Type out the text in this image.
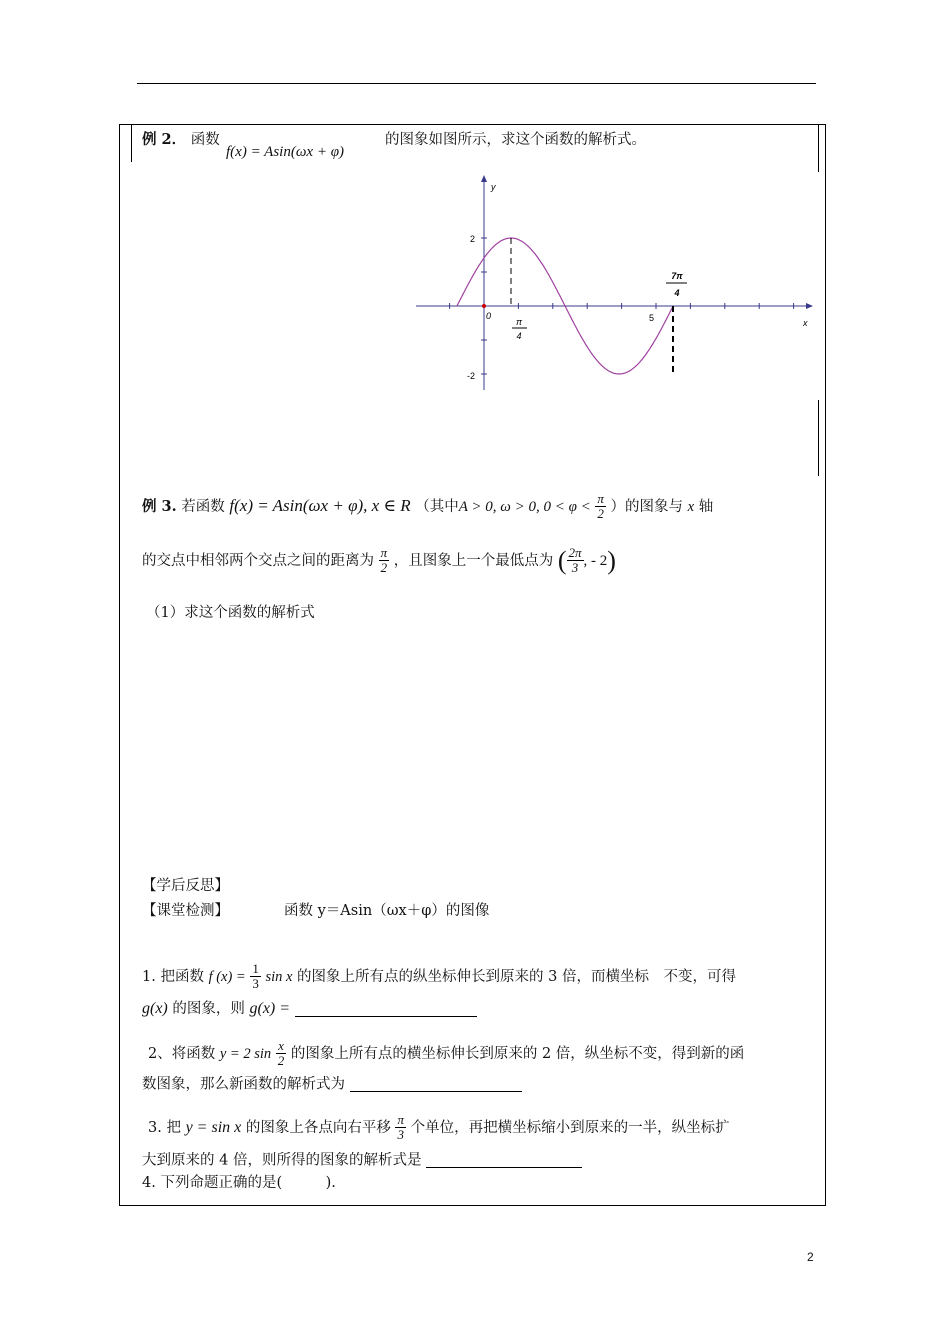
例 2． 函数
f(x) = Asin(ωx + φ)
的图象如图所示，求这个函数的解析式。
y
x
2
-2
0	5
π
4
7π
4
例 3. 若函数 f(x) = Asin(ωx + φ), x ∈ R （其中A > 0, ω > 0, $0 < \varphi < \frac{\pi}{2}$ ）的图象与 x 轴
的交点中相邻两个交点之间的距离为 $\frac{\pi}{2}$ ，且图象上一个最低点为 ( $\frac{2\pi}{3}$ , - 2)
（1）求这个函数的解析式
【学后反思】
【课堂检测】	函数 y＝Asin（ωx＋φ）的图像
1. 把函数 f $(x) = \frac{1}{3}$ sin x 的图象上所有点的纵坐标伸长到原来的 3 倍，而横坐标　不变，可得
g(x) 的图象，则 g(x) =
2、将函数 y = 2 $\sin \frac{x}{2}$ 的图象上所有点的横坐标伸长到原来的 2 倍，纵坐标不变，得到新的函
数图象，那么新函数的解析式为
3. 把 y = sin x 的图象上各点向右平移 $\frac{\pi}{3}$ 个单位，再把横坐标缩小到原来的一半，纵坐标扩
大到原来的 4 倍，则所得的图象的解析式是
4. 下列命题正确的是(　　　).
2
